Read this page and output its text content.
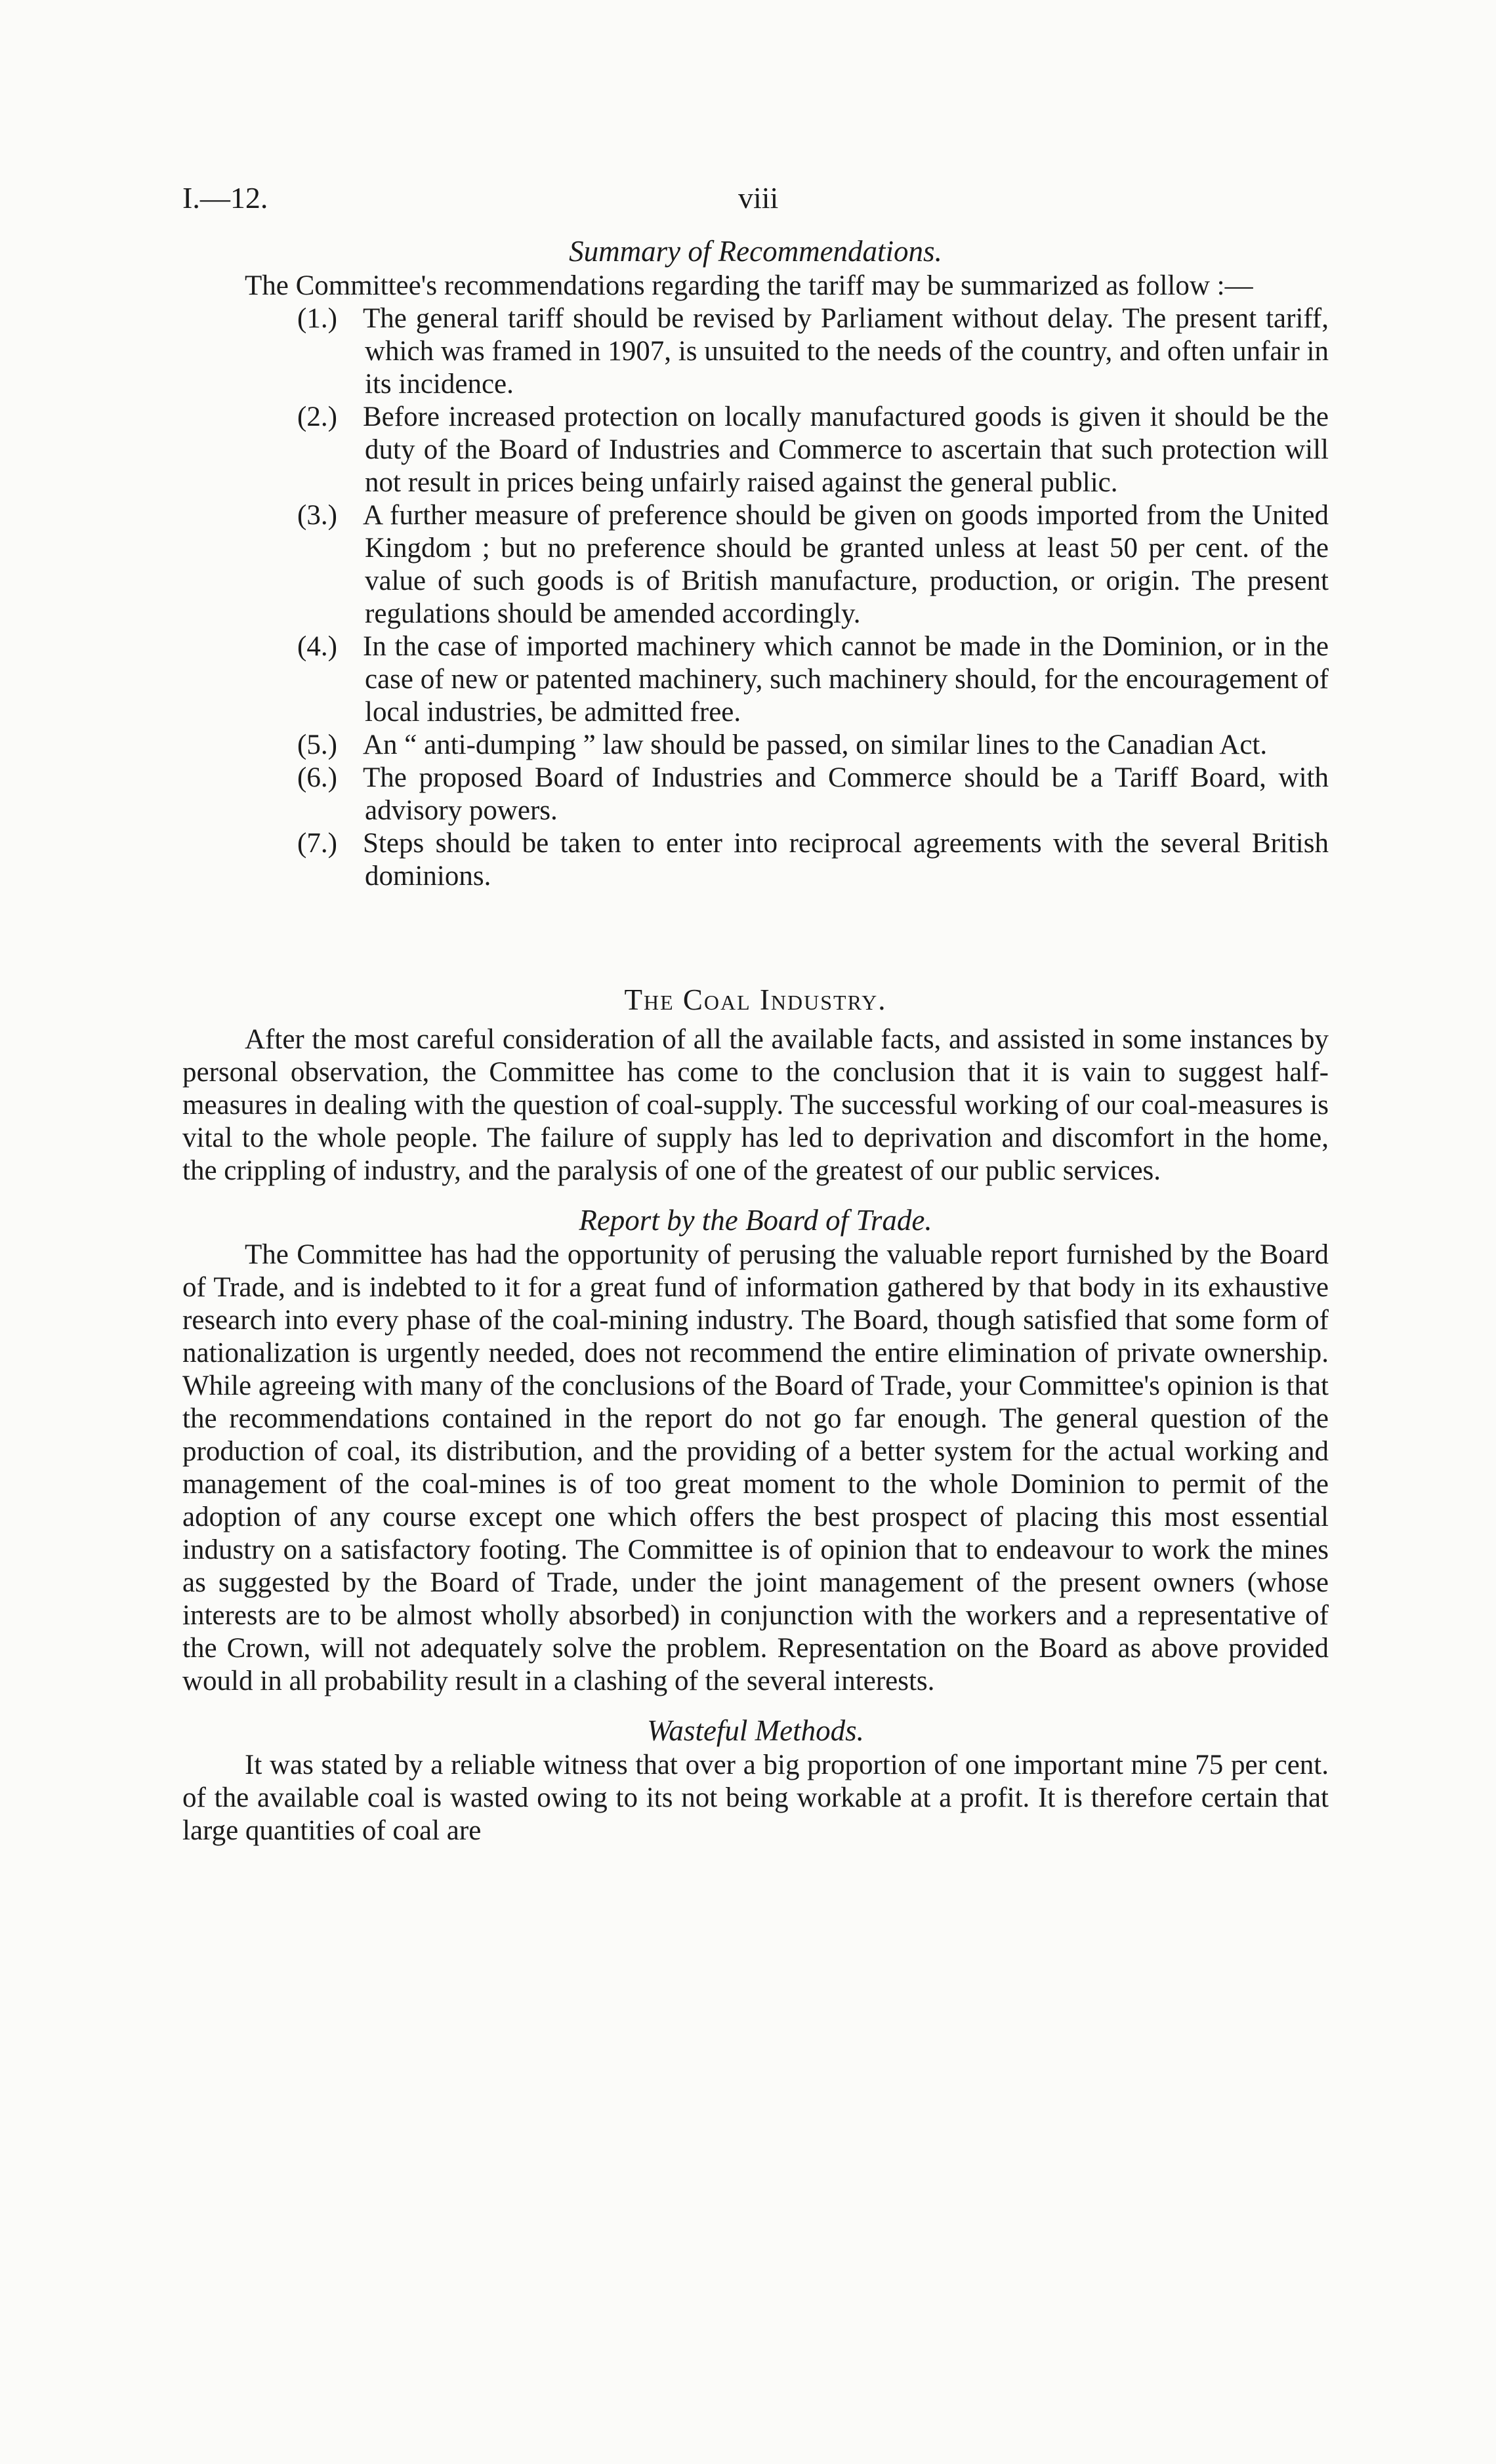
I.—12.	viii
Summary of Recommendations.

The Committee's recommendations regarding the tariff may be summarized as follow :—

(1.) The general tariff should be revised by Parliament without delay. The present tariff, which was framed in 1907, is unsuited to the needs of the country, and often unfair in its incidence.
(2.) Before increased protection on locally manufactured goods is given it should be the duty of the Board of Industries and Commerce to ascertain that such protection will not result in prices being unfairly raised against the general public.
(3.) A further measure of preference should be given on goods imported from the United Kingdom ; but no preference should be granted unless at least 50 per cent. of the value of such goods is of British manufacture, production, or origin. The present regulations should be amended accordingly.
(4.) In the case of imported machinery which cannot be made in the Dominion, or in the case of new or patented machinery, such machinery should, for the encouragement of local industries, be admitted free.
(5.) An “ anti-dumping ” law should be passed, on similar lines to the Canadian Act.
(6.) The proposed Board of Industries and Commerce should be a Tariff Board, with advisory powers.
(7.) Steps should be taken to enter into reciprocal agreements with the several British dominions.
The Coal Industry.

After the most careful consideration of all the available facts, and assisted in some instances by personal observation, the Committee has come to the conclusion that it is vain to suggest half-measures in dealing with the question of coal-supply. The successful working of our coal-measures is vital to the whole people. The failure of supply has led to deprivation and discomfort in the home, the crippling of industry, and the paralysis of one of the greatest of our public services.

Report by the Board of Trade.

The Committee has had the opportunity of perusing the valuable report furnished by the Board of Trade, and is indebted to it for a great fund of information gathered by that body in its exhaustive research into every phase of the coal-mining industry. The Board, though satisfied that some form of nationalization is urgently needed, does not recommend the entire elimination of private ownership. While agreeing with many of the conclusions of the Board of Trade, your Committee's opinion is that the recommendations contained in the report do not go far enough. The general question of the production of coal, its distribution, and the providing of a better system for the actual working and management of the coal-mines is of too great moment to the whole Dominion to permit of the adoption of any course except one which offers the best prospect of placing this most essential industry on a satisfactory footing. The Committee is of opinion that to endeavour to work the mines as suggested by the Board of Trade, under the joint management of the present owners (whose interests are to be almost wholly absorbed) in conjunction with the workers and a representative of the Crown, will not adequately solve the problem. Representation on the Board as above provided would in all probability result in a clashing of the several interests.

Wasteful Methods.

It was stated by a reliable witness that over a big proportion of one important mine 75 per cent. of the available coal is wasted owing to its not being workable at a profit. It is therefore certain that large quantities of coal are
